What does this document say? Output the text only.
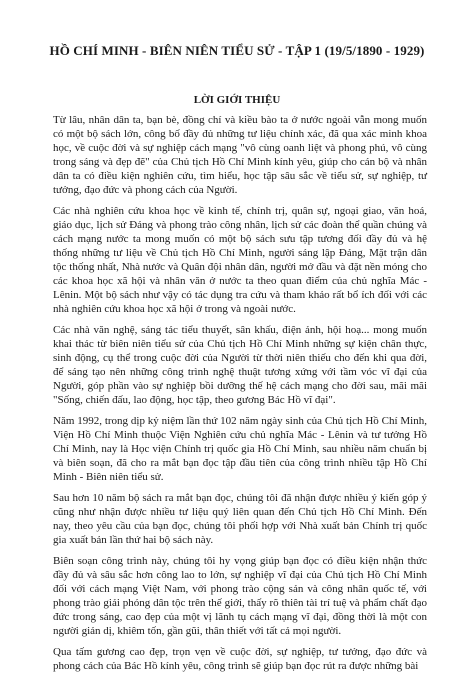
HỒ CHÍ MINH - BIÊN NIÊN TIỂU SỬ - TẬP 1 (19/5/1890 - 1929)
LỜI GIỚI THIỆU

Từ lâu, nhân dân ta, bạn bè, đồng chí và kiều bào ta ở nước ngoài vẫn mong muốn có một bộ sách lớn, công bố đầy đủ những tư liệu chính xác, đã qua xác minh khoa học, về cuộc đời và sự nghiệp cách mạng "vô cùng oanh liệt và phong phú, vô cùng trong sáng và đẹp đẽ" của Chủ tịch Hồ Chí Minh kính yêu, giúp cho cán bộ và nhân dân ta có điều kiện nghiên cứu, tìm hiểu, học tập sâu sắc về tiểu sử, sự nghiệp, tư tưởng, đạo đức và phong cách của Người.

Các nhà nghiên cứu khoa học về kinh tế, chính trị, quân sự, ngoại giao, văn hoá, giáo dục, lịch sử Đảng và phong trào công nhân, lịch sử các đoàn thể quần chúng và cách mạng nước ta mong muốn có một bộ sách sưu tập tương đối đầy đủ và hệ thống những tư liệu về Chủ tịch Hồ Chí Minh, người sáng lập Đảng, Mặt trận dân tộc thống nhất, Nhà nước và Quân đội nhân dân, người mở đầu và đặt nền móng cho các khoa học xã hội và nhân văn ở nước ta theo quan điểm của chủ nghĩa Mác - Lênin. Một bộ sách như vậy có tác dụng tra cứu và tham khảo rất bổ ích đối với các nhà nghiên cứu khoa học xã hội ở trong và ngoài nước.

Các nhà văn nghệ, sáng tác tiểu thuyết, sân khấu, điện ảnh, hội hoạ... mong muốn khai thác từ biên niên tiểu sử của Chủ tịch Hồ Chí Minh những sự kiện chân thực, sinh động, cụ thể trong cuộc đời của Người từ thời niên thiếu cho đến khi qua đời, để sáng tạo nên những công trình nghệ thuật tương xứng với tầm vóc vĩ đại của Người, góp phần vào sự nghiệp bồi dưỡng thế hệ cách mạng cho đời sau, mãi mãi "Sống, chiến đấu, lao động, học tập, theo gương Bác Hồ vĩ đại".

Năm 1992, trong dịp kỷ niệm lần thứ 102 năm ngày sinh của Chủ tịch Hồ Chí Minh, Viện Hồ Chí Minh thuộc Viện Nghiên cứu chủ nghĩa Mác - Lênin và tư tưởng Hồ Chí Minh, nay là Học viện Chính trị quốc gia Hồ Chí Minh, sau nhiều năm chuẩn bị và biên soạn, đã cho ra mắt bạn đọc tập đầu tiên của công trình nhiều tập Hồ Chí Minh - Biên niên tiểu sử.

Sau hơn 10 năm bộ sách ra mắt bạn đọc, chúng tôi đã nhận được nhiều ý kiến góp ý cũng như nhận được nhiều tư liệu quý liên quan đến Chủ tịch Hồ Chí Minh. Đến nay, theo yêu cầu của bạn đọc, chúng tôi phối hợp với Nhà xuất bản Chính trị quốc gia xuất bản lần thứ hai bộ sách này.

Biên soạn công trình này, chúng tôi hy vọng giúp bạn đọc có điều kiện nhận thức đầy đủ và sâu sắc hơn công lao to lớn, sự nghiệp vĩ đại của Chủ tịch Hồ Chí Minh đối với cách mạng Việt Nam, với phong trào cộng sản và công nhân quốc tế, với phong trào giải phóng dân tộc trên thế giới, thấy rõ thiên tài trí tuệ và phẩm chất đạo đức trong sáng, cao đẹp của một vị lãnh tụ cách mạng vĩ đại, đồng thời là một con người giản dị, khiêm tốn, gần gũi, thân thiết với tất cả mọi người.

Qua tấm gương cao đẹp, trọn vẹn về cuộc đời, sự nghiệp, tư tưởng, đạo đức và phong cách của Bác Hồ kính yêu, công trình sẽ giúp bạn đọc rút ra được những bài
